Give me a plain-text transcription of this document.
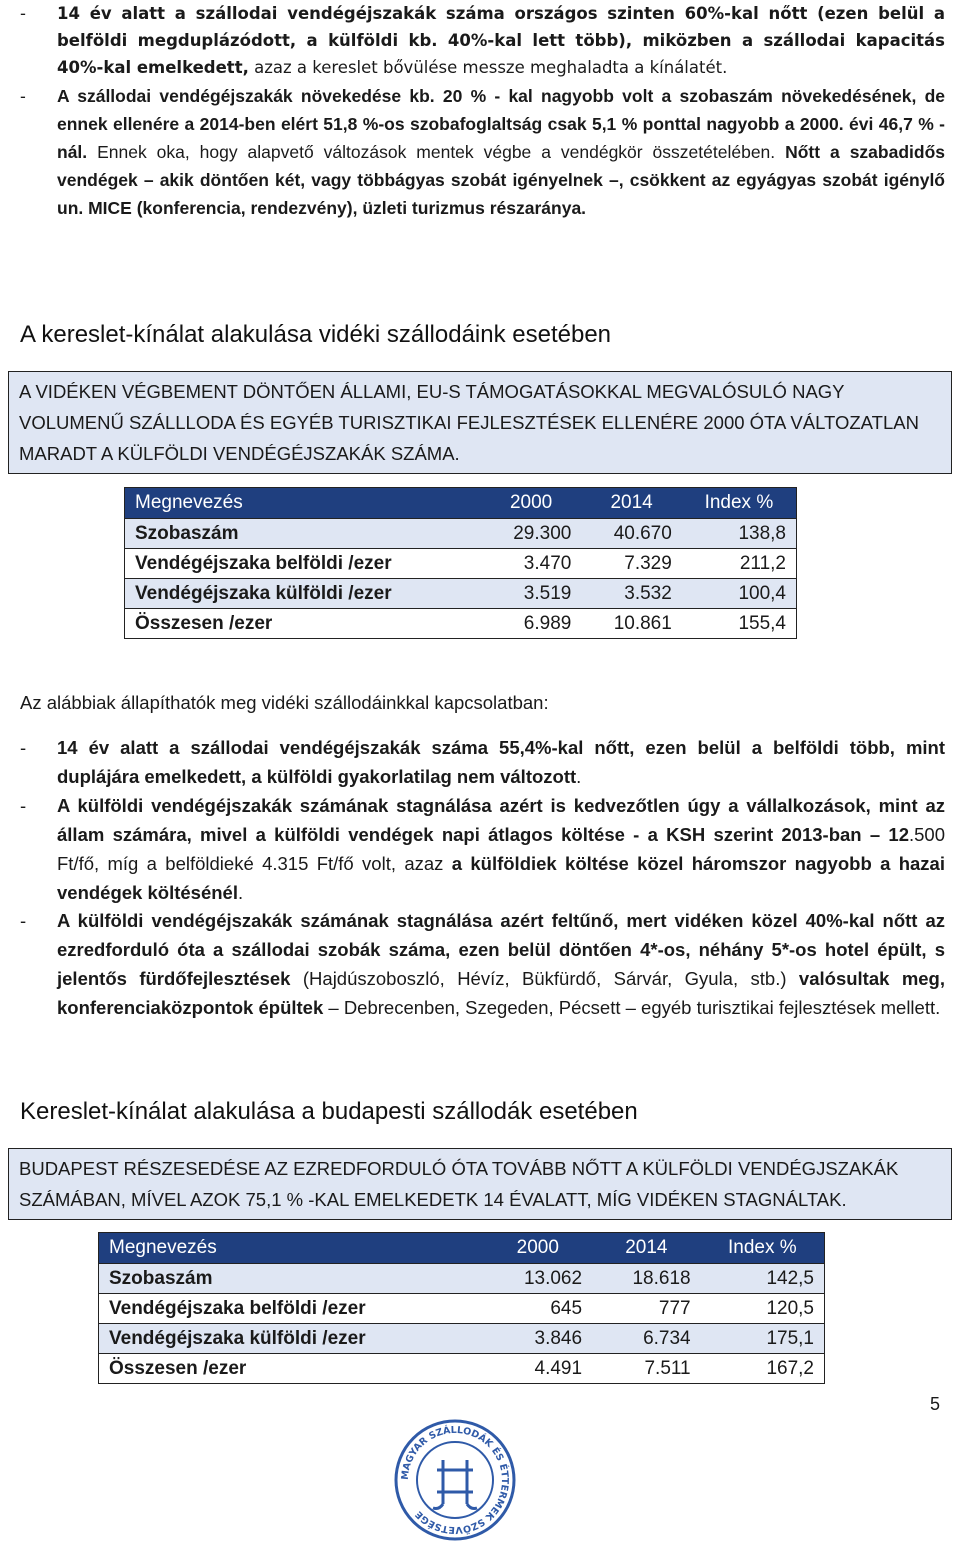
- 14 év alatt a szállodai vendégéjszakák száma országos szinten 60%-kal nőtt (ezen belül a belföldi megduplázódott, a külföldi kb. 40%-kal lett több), miközben a szállodai kapacitás 40%-kal emelkedett, azaz a kereslet bővülése messze meghaladta a kínálatét.
- A szállodai vendégéjszakák növekedése kb. 20 % - kal nagyobb volt a szobaszám növekedésének, de ennek ellenére a 2014-ben elért 51,8 %-os szobafoglaltság csak 5,1 % ponttal nagyobb a 2000. évi 46,7 % - nál. Ennek oka, hogy alapvető változások mentek végbe a vendégkör összetételében. Nőtt a szabadidős vendégek – akik döntően két, vagy többágyas szobát igényelnek –, csökkent az egyágyas szobát igénylő un. MICE (konferencia, rendezvény), üzleti turizmus részaránya.
A kereslet-kínálat alakulása vidéki szállodáink esetében
A VIDÉKEN VÉGBEMENT DÖNTŐEN ÁLLAMI, EU-S TÁMOGATÁSOKKAL MEGVALÓSULÓ NAGY VOLUMENŰ SZÁLLLODA ÉS EGYÉB TURISZTIKAI FEJLESZTÉSEK ELLENÉRE 2000 ÓTA VÁLTOZATLAN MARADT A KÜLFÖLDI VENDÉGÉJSZAKÁK SZÁMA.
Megnevezés	2000	2014	Index %
Szobaszám	29.300	40.670	138,8
Vendégéjszaka belföldi /ezer	3.470	7.329	211,2
Vendégéjszaka külföldi /ezer	3.519	3.532	100,4
Összesen /ezer	6.989	10.861	155,4
Az alábbiak állapíthatók meg vidéki szállodáinkkal kapcsolatban:
- 14 év alatt a szállodai vendégéjszakák száma 55,4%-kal nőtt, ezen belül a belföldi több, mint duplájára emelkedett, a külföldi gyakorlatilag nem változott.
- A külföldi vendégéjszakák számának stagnálása azért is kedvezőtlen úgy a vállalkozások, mint az állam számára, mivel a külföldi vendégek napi átlagos költése - a KSH szerint 2013-ban – 12.500 Ft/fő, míg a belföldieké 4.315 Ft/fő volt, azaz a külföldiek költése közel háromszor nagyobb a hazai vendégek költésénél.
- A külföldi vendégéjszakák számának stagnálása azért feltűnő, mert vidéken közel 40%-kal nőtt az ezredforduló óta a szállodai szobák száma, ezen belül döntően 4*-os, néhány 5*-os hotel épült, s jelentős fürdőfejlesztések (Hajdúszoboszló, Hévíz, Bükfürdő, Sárvár, Gyula, stb.) valósultak meg, konferenciaközpontok épültek – Debrecenben, Szegeden, Pécsett – egyéb turisztikai fejlesztések mellett.
Kereslet-kínálat alakulása a budapesti szállodák esetében
BUDAPEST RÉSZESEDÉSE AZ EZREDFORDULÓ ÓTA TOVÁBB NŐTT A KÜLFÖLDI VENDÉGJSZAKÁK SZÁMÁBAN, MÍVEL AZOK 75,1 % -KAL EMELKEDETK 14 ÉVALATT, MÍG VIDÉKEN STAGNÁLTAK.
Megnevezés	2000	2014	Index %
Szobaszám	13.062	18.618	142,5
Vendégéjszaka belföldi /ezer	645	777	120,5
Vendégéjszaka külföldi /ezer	3.846	6.734	175,1
Összesen /ezer	4.491	7.511	167,2
5
MAGYAR SZÁLLODÁK ÉS ÉTTERMEK SZÖVETSÉGE
